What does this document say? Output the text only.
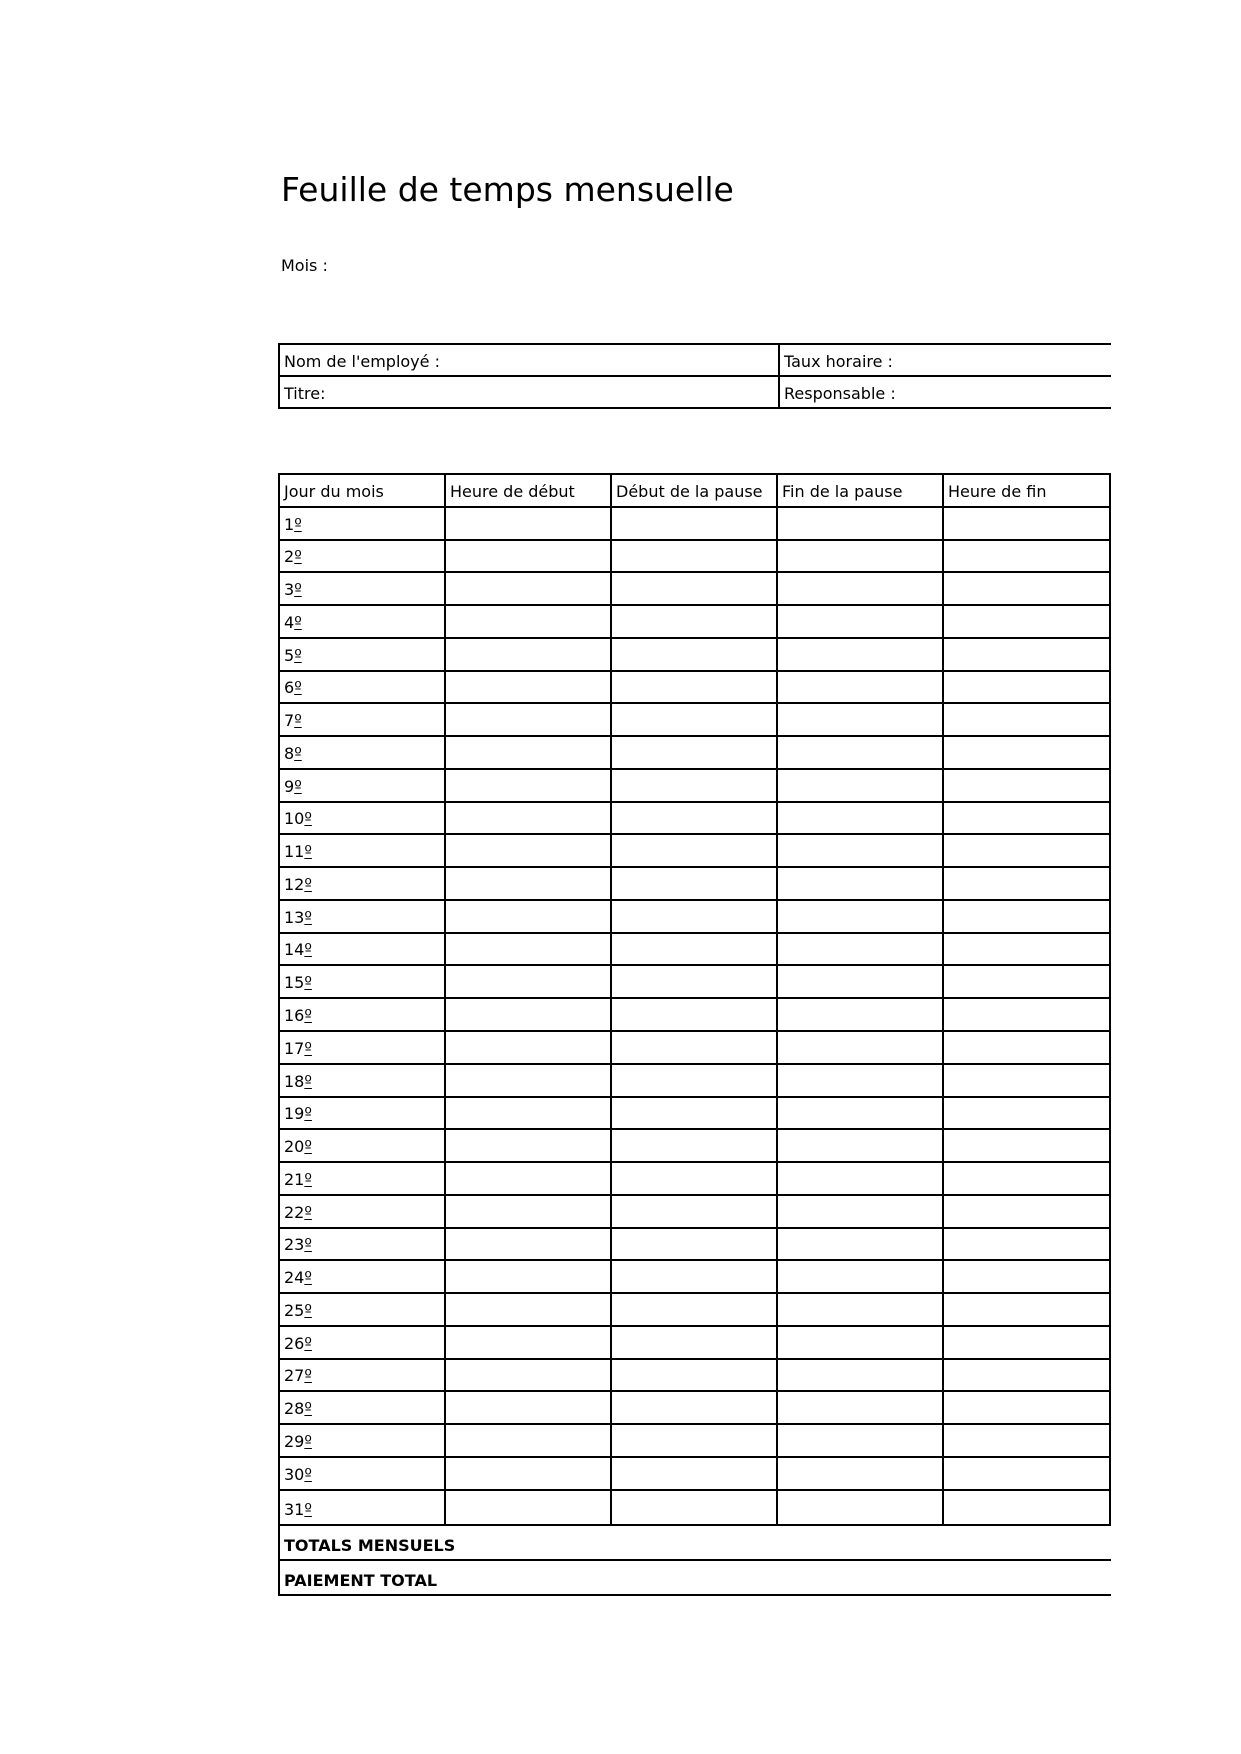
Feuille de temps mensuelle
Mois :
Nom de l'employé :	Taux horaire :
Titre:	Responsable :
Jour du mois	Heure de début	Début de la pause	Fin de la pause	Heure de fin
1 º
2 º
3 º
4 º
5 º
6 º
7 º
8 º
9 º
10 º
11 º
12 º
13 º
14 º
15 º
16 º
17 º
18 º
19 º
20 º
21 º
22 º
23 º
24 º
25 º
26 º
27 º
28 º
29 º
30 º
31 º
TOTALS MENSUELS
PAIEMENT TOTAL
